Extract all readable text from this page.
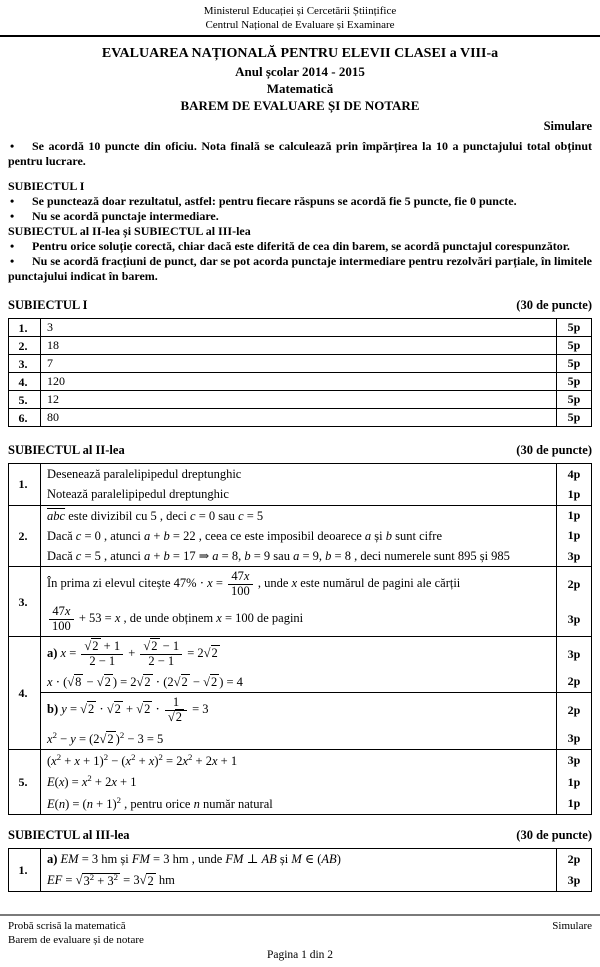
Ministerul Educației și Cercetării Științifice
Centrul Național de Evaluare și Examinare
EVALUAREA NAȚIONALĂ PENTRU ELEVII CLASEI a VIII-a
Anul școlar 2014 - 2015
Matematică
BAREM DE EVALUARE ȘI DE NOTARE
Simulare
• Se acordă 10 puncte din oficiu. Nota finală se calculează prin împărțirea la 10 a punctajului total obținut pentru lucrare.
SUBIECTUL I
• Se punctează doar rezultatul, astfel: pentru fiecare răspuns se acordă fie 5 puncte, fie 0 puncte.
• Nu se acordă punctaje intermediare.
SUBIECTUL al II-lea și SUBIECTUL al III-lea
• Pentru orice soluție corectă, chiar dacă este diferită de cea din barem, se acordă punctajul corespunzător.
• Nu se acordă fracțiuni de punct, dar se pot acorda punctaje intermediare pentru rezolvări parțiale, în limitele punctajului indicat în barem.
SUBIECTUL I	(30 de puncte)
1.	3	5p
2.	18	5p
3.	7	5p
4.	120	5p
5.	12	5p
6.	80	5p
SUBIECTUL al II-lea	(30 de puncte)
1.	Desenează paralelipipedul dreptunghic	4p
	Notează paralelipipedul dreptunghic	1p
2.	$\overline{abc}$ este divizibil cu 5 , deci c = 0 sau c = 5	1p
	Dacă c = 0 , atunci a + b = 22 , ceea ce este imposibil deoarece a și b sunt cifre	1p
	Dacă c = 5 , atunci a + b = 17 ⇒ a = 8, b = 9 sau a = 9, b = 8 , deci numerele sunt 895 și 985	3p
3.	În prima zi elevul citește $47\% \cdot x = \frac{47x}{100}$ , unde x este numărul de pagini ale cărții	2p

	$\frac{47x}{100} + 53 = x$ , de unde obținem x = 100 de pagini	3p
4.	a) $x = \frac{√2 + 1}{2 - 1} + \frac{√2 - 1}{2 - 1} = 2√2$	3p
	x ⋅ (√8 − √2 ) = 2√2 ⋅ (2√2 − √2 ) = 4	2p
	b) $y = √2 \cdot √2 + √2 \cdot \frac{1}{√2} = 3$	2p
	$x^2 - y = (2√2$ )$^2$ − 3 = 5	3p
5.	$(x^2 + x + 1)^2 - (x^2 + x)^2 = 2x^2 + 2x + 1$	3p
	$E(x) = x^2 + 2x + 1$	1p
	$E(n) = (n + 1)^2$ , pentru orice n număr natural	1p
SUBIECTUL al III-lea	(30 de puncte)
1.	a) EM = 3 hm și FM = 3 hm , unde FM ⊥ AB și M ∈ (AB)	2p
	EF = $√3^2 + 3^2 = 3√2$ hm	3p
Probă scrisă la matematică
Barem de evaluare și de notare
Simulare
Pagina 1 din 2
